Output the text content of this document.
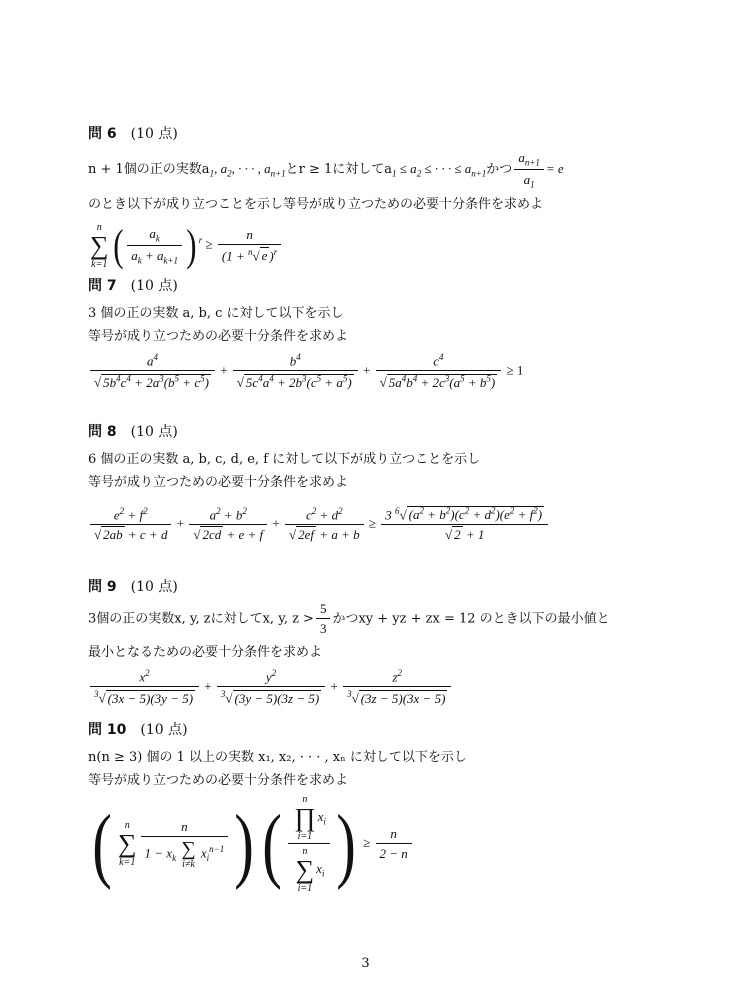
問 6 (10 点)
n + 1個の正の実数$a_1$, $a_2$, · · · , $a_{n+1}$とr ≥ 1に対して$a_1 \le a_2$ ≤ · · · ≤ $a_{n+1}$かつ $\frac{a_{n+1}}{a_1} = e$
のとき以下が成り立つことを示し等号が成り立つための必要十分条件を求めよ
n
∑
k=1 ( $\frac{a_k}{a_k + a_{k+1}}$ ) $^r \ge \frac{n}{(1 + ^n√ e )^r}$
問 7 (10 点)
3 個の正の実数 a, b, c に対して以下を示し
等号が成り立つための必要十分条件を求めよ
$\frac{a^4}{√ 5b^4c^4 + 2a^3(b^5 + c^5)} + \frac{b^4}{√ 5c^4a^4 + 2b^3(c^5 + a^5)} + \frac{c^4}{√ 5a^4b^4 + 2c^3(a^5 + b^5)} \ge 1$
問 8 (10 点)
6 個の正の実数 a, b, c, d, e, f に対して以下が成り立つことを示し
等号が成り立つための必要十分条件を求めよ
$\frac{e^2 + f^2}{√ 2ab + c + d} + \frac{a^2 + b^2}{√ 2cd + e + f} + \frac{c^2 + d^2}{√ 2ef + a + b} \ge \frac{3 ^6√ (a^2 + b^2)(c^2 + d^2)(e^2 + f^2)}{√ 2 + 1}$
問 9 (10 点)
3個の正の実数x, y, zに対してx, y, $z > \frac{5}{3}$ かつxy + yz + zx = 12 のとき以下の最小値と
最小となるための必要十分条件を求めよ
$\frac{x^2}{^3√ (3x - 5)(3y - 5)} + \frac{y^2}{^3√ (3y - 5)(3z - 5)} + \frac{z^2}{^3√ (3z - 5)(3x - 5)}$
問 10 (10 点)
n(n ≥ 3) 個の 1 以上の実数 x₁, x₂, · · · , xₙ に対して以下を示し
等号が成り立つための必要十分条件を求めよ
( n
∑
k=1 n
$1 - x_k$ ∑
i≠k $x_i^{n-1}$ )( n
∏
$i=1x_i$
n
∑
$i=1x_i$ ) ≥ $\frac{n}{2 - n}$
3
